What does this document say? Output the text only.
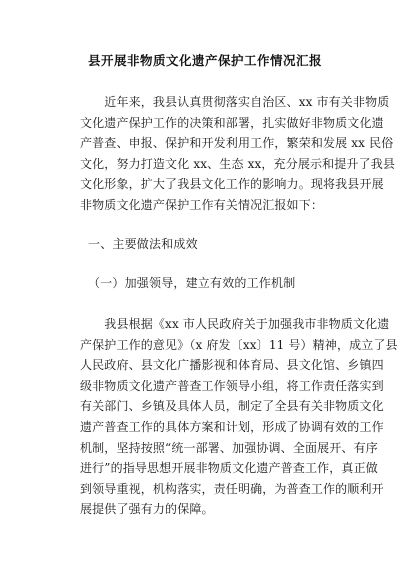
县开展非物质文化遗产保护工作情况汇报
　　近年来，我县认真贯彻落实自治区、xx 市有关非物质
文化遗产保护工作的决策和部署，扎实做好非物质文化遗
产普查、申报、保护和开发利用工作，繁荣和发展 xx 民俗
文化，努力打造文化 xx、生态 xx，充分展示和提升了我县
文化形象，扩大了我县文化工作的影响力。现将我县开展
非物质文化遗产保护工作有关情况汇报如下：
一、主要做法和成效
（一）加强领导，建立有效的工作机制
　　我县根据《xx 市人民政府关于加强我市非物质文化遗
产保护工作的意见》（x 府发〔xx〕11 号）精神，成立了县
人民政府、县文化广播影视和体育局、县文化馆、乡镇四
级非物质文化遗产普查工作领导小组，将工作责任落实到
有关部门、乡镇及具体人员，制定了全县有关非物质文化
遗产普查工作的具体方案和计划，形成了协调有效的工作
机制，坚持按照“统一部署、加强协调、全面展开、有序
进行”的指导思想开展非物质文化遗产普查工作，真正做
到领导重视，机构落实，责任明确，为普查工作的顺利开
展提供了强有力的保障。
